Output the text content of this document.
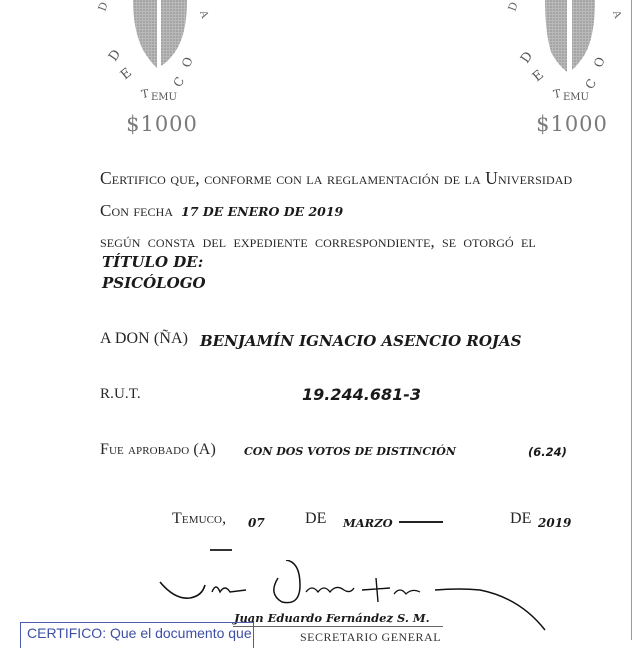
D
A
D
E
T EMU
C
O
$1000
D
A
D
E
T EMU
C
O
$1000
Certifico que, conforme con la reglamentación de la Universidad
Con fecha 17 DE ENERO DE 2019
según consta del expediente correspondiente, se otorgó el
TÍTULO DE:
PSICÓLOGO
A DON (ÑA) BENJAMÍN IGNACIO ASENCIO ROJAS
R.U.T.	19.244.681-3
Fue aprobado (A)	CON DOS VOTOS DE DISTINCIÓN	(6.24)
Temuco, 07	DE MARZO	DE 2019
Juan Eduardo Fernández S. M.
SECRETARIO GENERAL
CERTIFICO: Que el documento que
